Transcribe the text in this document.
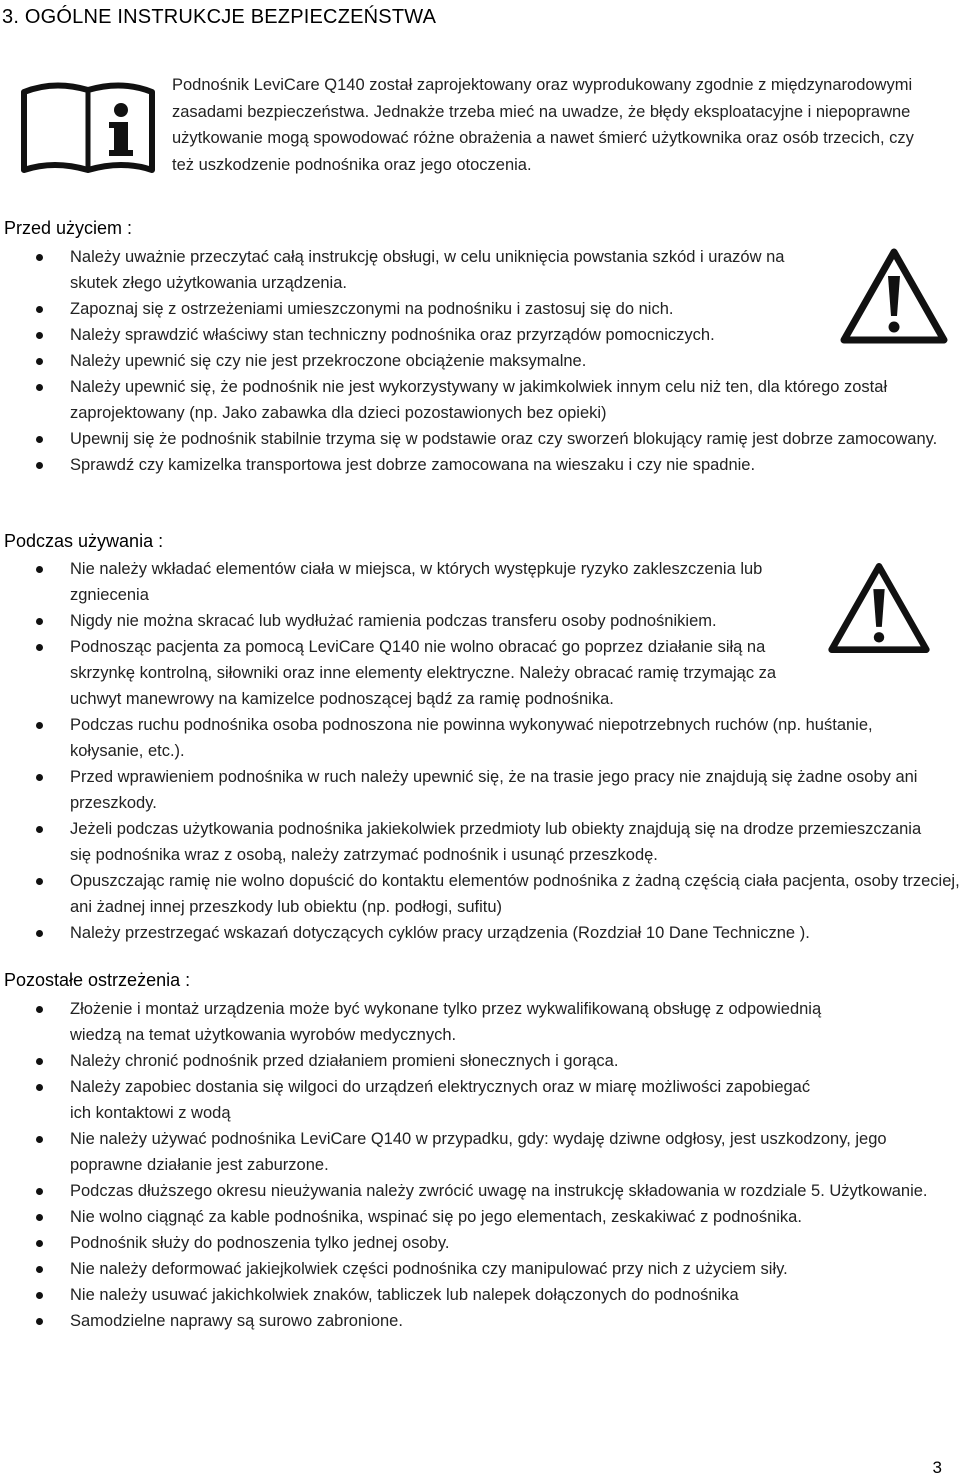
3. OGÓLNE INSTRUKCJE BEZPIECZEŃSTWA

Podnośnik LeviCare Q140 został zaprojektowany oraz wyprodukowany zgodnie z międzynarodowymi zasadami bezpieczeństwa. Jednakże trzeba mieć na uwadze, że błędy eksploatacyjne i niepoprawne użytkowanie mogą spowodować różne obrażenia a nawet śmierć użytkownika oraz osób trzecich, czy też uszkodzenie podnośnika oraz jego otoczenia.

Przed użyciem :
Należy uważnie przeczytać całą instrukcję obsługi, w celu uniknięcia powstania szkód i urazów na skutek złego użytkowania urządzenia.
Zapoznaj się z ostrzeżeniami umieszczonymi na podnośniku i zastosuj się do nich.
Należy sprawdzić właściwy stan techniczny podnośnika oraz przyrządów pomocniczych.
Należy upewnić się czy nie jest przekroczone obciążenie maksymalne.
Należy upewnić się, że podnośnik nie jest wykorzystywany w jakimkolwiek innym celu niż ten, dla którego został zaprojektowany (np. Jako zabawka dla dzieci pozostawionych bez opieki)
Upewnij się że podnośnik stabilnie trzyma się w podstawie oraz czy sworzeń blokujący ramię jest dobrze zamocowany.
Sprawdź czy kamizelka transportowa jest dobrze zamocowana na wieszaku i czy nie spadnie.
Podczas używania :
Nie należy wkładać elementów ciała w miejsca, w których występkuje ryzyko zakleszczenia lub zgniecenia
Nigdy nie można skracać lub wydłużać ramienia podczas transferu osoby podnośnikiem.
Podnosząc pacjenta za pomocą LeviCare Q140 nie wolno obracać go poprzez działanie siłą na skrzynkę kontrolną, siłowniki oraz inne elementy elektryczne. Należy obracać ramię trzymając za uchwyt manewrowy na kamizelce podnoszącej bądź za ramię podnośnika.
Podczas ruchu podnośnika osoba podnoszona nie powinna wykonywać niepotrzebnych ruchów (np. huśtanie, kołysanie, etc.).
Przed wprawieniem podnośnika w ruch należy upewnić się, że na trasie jego pracy nie znajdują się żadne osoby ani przeszkody.
Jeżeli podczas użytkowania podnośnika jakiekolwiek przedmioty lub obiekty znajdują się na drodze przemieszczania się podnośnika wraz z osobą, należy zatrzymać podnośnik i usunąć przeszkodę.
Opuszczając ramię nie wolno dopuścić do kontaktu elementów podnośnika z żadną częścią ciała pacjenta, osoby trzeciej, ani żadnej innej przeszkody lub obiektu (np. podłogi, sufitu)
Należy przestrzegać wskazań dotyczących cyklów pracy urządzenia (Rozdział 10 Dane Techniczne ).
Pozostałe ostrzeżenia :
Złożenie i montaż urządzenia może być wykonane tylko przez wykwalifikowaną obsługę z odpowiednią wiedzą na temat użytkowania wyrobów medycznych.
Należy chronić podnośnik przed działaniem promieni słonecznych i gorąca.
Należy zapobiec dostania się wilgoci do urządzeń elektrycznych oraz w miarę możliwości zapobiegać ich kontaktowi z wodą
Nie należy używać podnośnika LeviCare Q140 w przypadku, gdy: wydaję dziwne odgłosy, jest uszkodzony, jego poprawne działanie jest zaburzone.
Podczas dłuższego okresu nieużywania należy zwrócić uwagę na instrukcję składowania w rozdziale 5. Użytkowanie.
Nie wolno ciągnąć za kable podnośnika, wspinać się po jego elementach, zeskakiwać z podnośnika.
Podnośnik służy do podnoszenia tylko jednej osoby.
Nie należy deformować jakiejkolwiek części podnośnika czy manipulować przy nich z użyciem siły.
Nie należy usuwać jakichkolwiek znaków, tabliczek lub nalepek dołączonych do podnośnika
Samodzielne naprawy są surowo zabronione.
3
